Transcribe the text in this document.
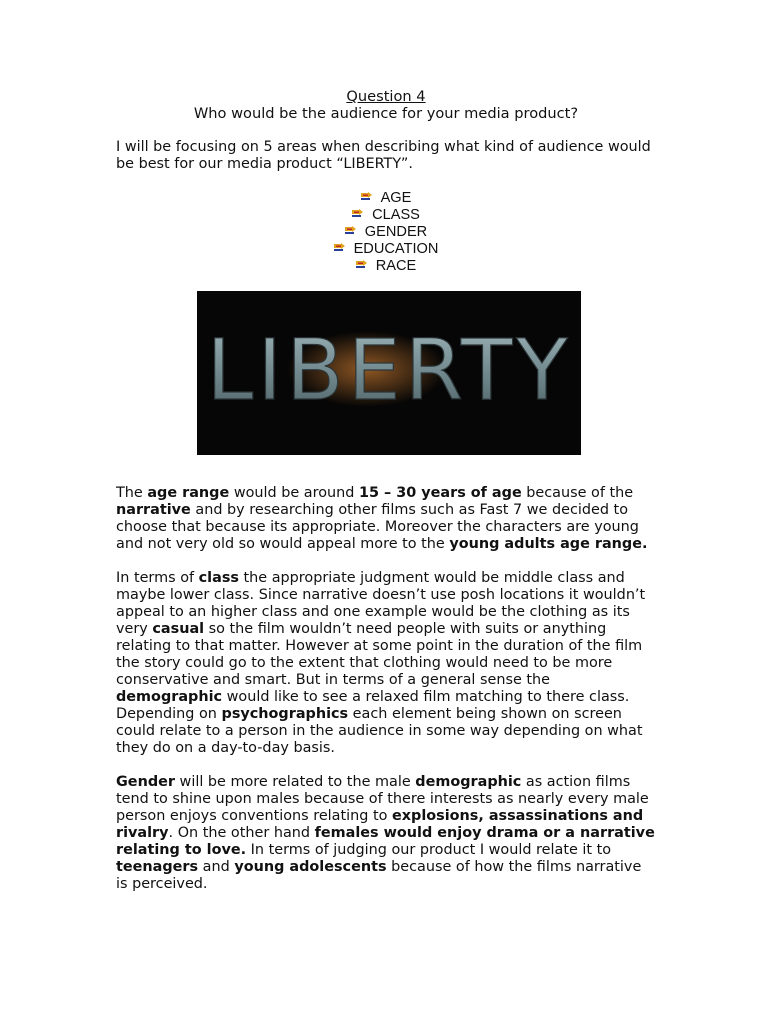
Question 4
Who would be the audience for your media product?

I will be focusing on 5 areas when describing what kind of audience would be best for our media product “LIBERTY”.

AGE
CLASS
GENDER
EDUCATION
RACE
LIBERTY

The age range would be around 15 – 30 years of age because of the narrative and by researching other films such as Fast 7 we decided to choose that because its appropriate. Moreover the characters are young and not very old so would appeal more to the young adults age range.

In terms of class the appropriate judgment would be middle class and maybe lower class. Since narrative doesn’t use posh locations it wouldn’t appeal to an higher class and one example would be the clothing as its very casual so the film wouldn’t need people with suits or anything relating to that matter. However at some point in the duration of the film the story could go to the extent that clothing would need to be more conservative and smart. But in terms of a general sense the demographic would like to see a relaxed film matching to there class. Depending on psychographics each element being shown on screen could relate to a person in the audience in some way depending on what they do on a day-to-day basis.

Gender will be more related to the male demographic as action films tend to shine upon males because of there interests as nearly every male person enjoys conventions relating to explosions, assassinations and rivalry. On the other hand females would enjoy drama or a narrative relating to love. In terms of judging our product I would relate it to teenagers and young adolescents because of how the films narrative is perceived.
